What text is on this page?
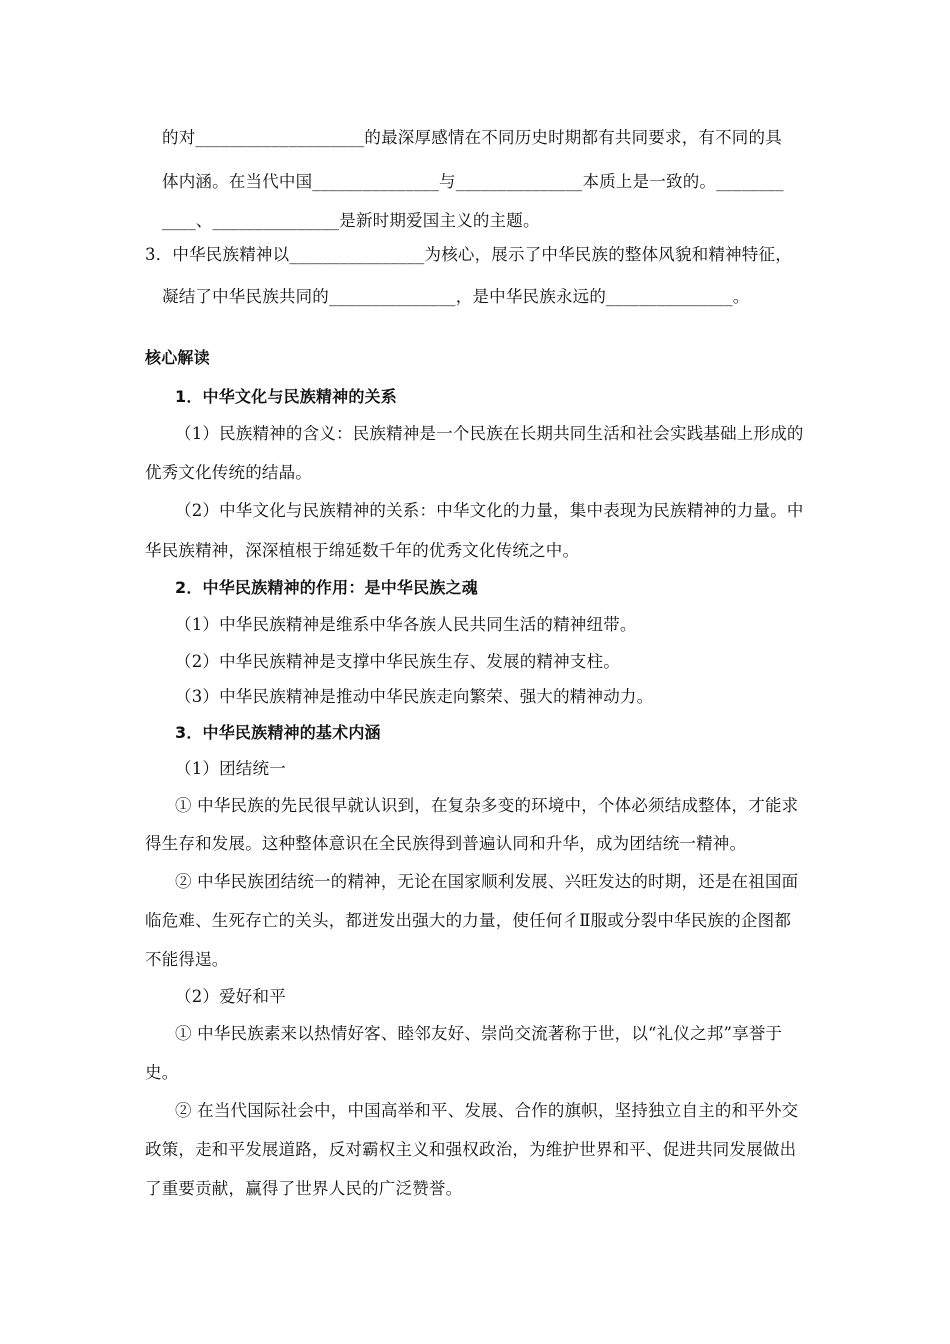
的对____________________的最深厚感情在不同历史时期都有共同要求，有不同的具
体内涵。在当代中国_______________与_______________本质上是一致的。________
____、_______________是新时期爱国主义的主题。
3．中华民族精神以________________为核心，展示了中华民族的整体风貌和精神特征，
凝结了中华民族共同的_______________，是中华民族永远的_______________。
核心解读
1．中华文化与民族精神的关系
（1）民族精神的含义：民族精神是一个民族在长期共同生活和社会实践基础上形成的
优秀文化传统的结晶。
（2）中华文化与民族精神的关系：中华文化的力量，集中表现为民族精神的力量。中
华民族精神，深深植根于绵延数千年的优秀文化传统之中。
2．中华民族精神的作用：是中华民族之魂
（1）中华民族精神是维系中华各族人民共同生活的精神纽带。
（2）中华民族精神是支撑中华民族生存、发展的精神支柱。
（3）中华民族精神是推动中华民族走向繁荣、强大的精神动力。
3．中华民族精神的基术内涵
（1）团结统一
① 中华民族的先民很早就认识到，在复杂多变的环境中，个体必须结成整体，才能求
得生存和发展。这种整体意识在全民族得到普遍认同和升华，成为团结统一精神。
② 中华民族团结统一的精神，无论在国家顺利发展、兴旺发达的时期，还是在祖国面
临危难、生死存亡的关头，都迸发出强大的力量，使任何彳Ⅱ服或分裂中华民族的企图都
不能得逞。
（2）爱好和平
① 中华民族素来以热情好客、睦邻友好、崇尚交流著称于世，以“礼仪之邦”享誉于
史。
② 在当代国际社会中，中国高举和平、发展、合作的旗帜，坚持独立自主的和平外交
政策，走和平发展道路，反对霸权主义和强权政治，为维护世界和平、促进共同发展做出
了重要贡献，赢得了世界人民的广泛赞誉。
